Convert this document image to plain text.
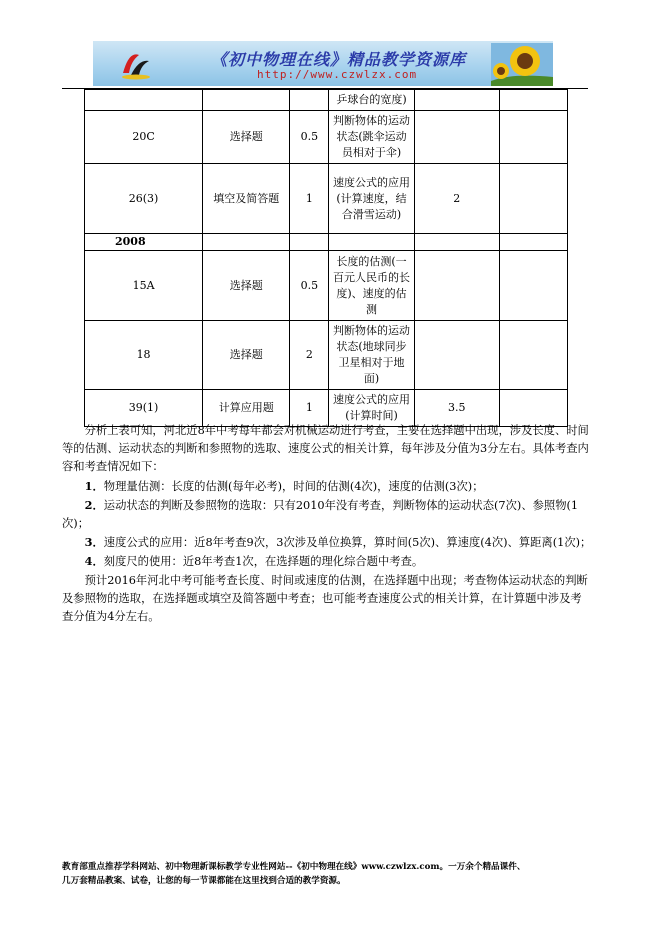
《初中物理在线》精品教学资源库
http://www.czwlzx.com
			乒球台的宽度)		
20C	选择题	0.5	判断物体的运动状态(跳伞运动员相对于伞)		
26(3)	填空及简答题	1	速度公式的应用(计算速度，结合滑雪运动)	2	
2008					
15A	选择题	0.5	长度的估测(一百元人民币的长度)、速度的估测		
18	选择题	2	判断物体的运动状态(地球同步卫星相对于地面)		
39(1)	计算应用题	1	速度公式的应用(计算时间)	3.5	

分析上表可知，河北近8年中考每年都会对机械运动进行考查，主要在选择题中出现，涉及长度、时间等的估测、运动状态的判断和参照物的选取、速度公式的相关计算，每年涉及分值为3分左右。具体考查内容和考查情况如下：

1．物理量估测：长度的估测(每年必考)，时间的估测(4次)，速度的估测(3次)；

2．运动状态的判断及参照物的选取：只有2010年没有考查，判断物体的运动状态(7次)、参照物(1次)；

3．速度公式的应用：近8年考查9次，3次涉及单位换算，算时间(5次)、算速度(4次)、算距离(1次)；

4．刻度尺的使用：近8年考查1次，在选择题的理化综合题中考查。

预计2016年河北中考可能考查长度、时间或速度的估测，在选择题中出现；考查物体运动状态的判断及参照物的选取，在选择题或填空及简答题中考查；也可能考查速度公式的相关计算，在计算题中涉及考查分值为4分左右。

教育部重点推荐学科网站、初中物理新课标教学专业性网站--《初中物理在线》www.czwlzx.com。一万余个精品课件、
几万套精品教案、试卷，让您的每一节课都能在这里找到合适的教学资源。
